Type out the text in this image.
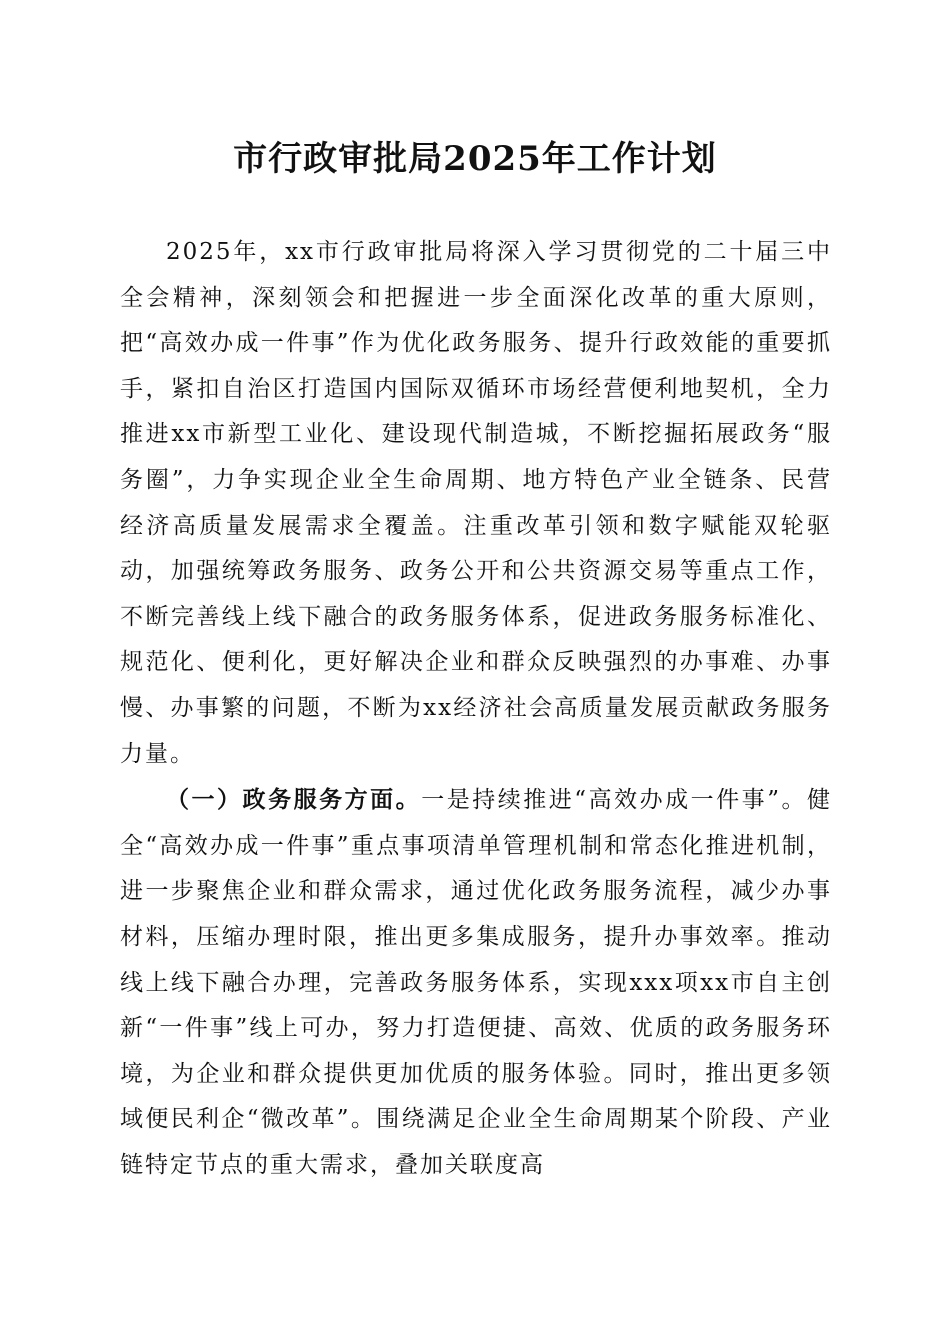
市行政审批局2025年工作计划

2025年，xx市行政审批局将深入学习贯彻党的二十届三中全会精神，深刻领会和把握进一步全面深化改革的重大原则，把“高效办成一件事”作为优化政务服务、提升行政效能的重要抓手，紧扣自治区打造国内国际双循环市场经营便利地契机，全力推进xx市新型工业化、建设现代制造城，不断挖掘拓展政务“服务圈”，力争实现企业全生命周期、地方特色产业全链条、民营经济高质量发展需求全覆盖。注重改革引领和数字赋能双轮驱动，加强统筹政务服务、政务公开和公共资源交易等重点工作，不断完善线上线下融合的政务服务体系，促进政务服务标准化、规范化、便利化，更好解决企业和群众反映强烈的办事难、办事慢、办事繁的问题，不断为xx经济社会高质量发展贡献政务服务力量。

（一）政务服务方面。一是持续推进“高效办成一件事”。健全“高效办成一件事”重点事项清单管理机制和常态化推进机制，进一步聚焦企业和群众需求，通过优化政务服务流程，减少办事材料，压缩办理时限，推出更多集成服务，提升办事效率。推动线上线下融合办理，完善政务服务体系，实现xxx项xx市自主创新“一件事”线上可办，努力打造便捷、高效、优质的政务服务环境，为企业和群众提供更加优质的服务体验。同时，推出更多领域便民利企“微改革”。围绕满足企业全生命周期某个阶段、产业链特定节点的重大需求，叠加关联度高
